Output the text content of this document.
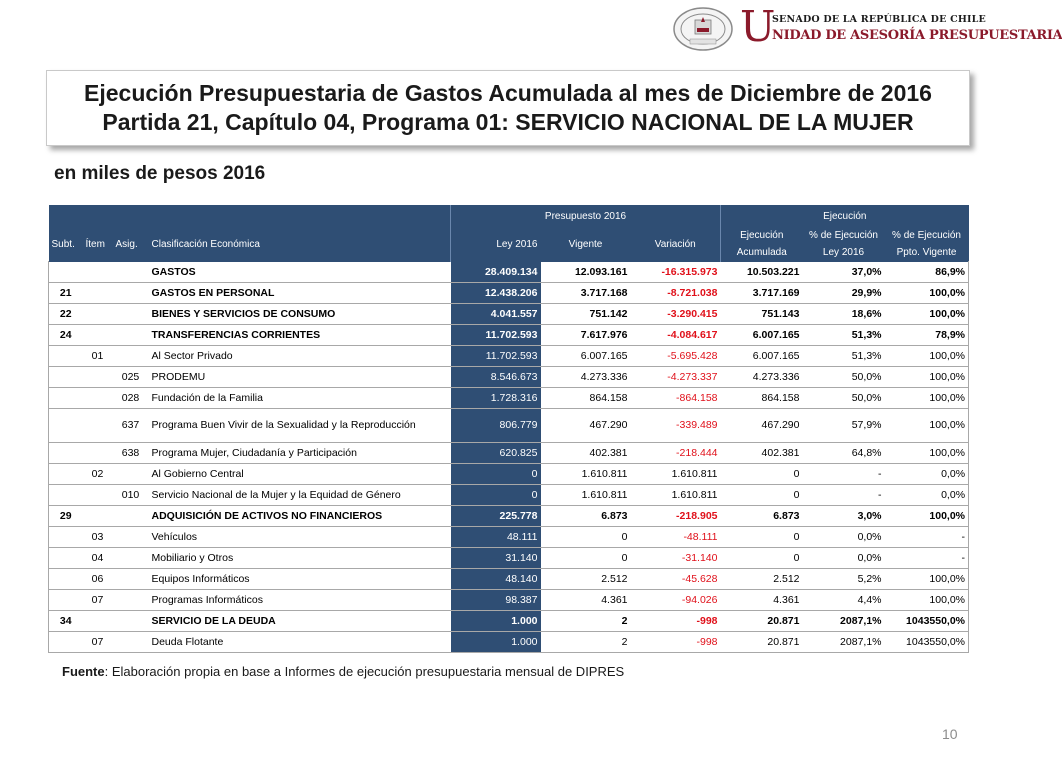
U
SENADO DE LA REPÚBLICA DE CHILE
NIDAD DE ASESORÍA PRESUPUESTARIA
Ejecución Presupuestaria de Gastos Acumulada al mes de Diciembre de 2016
Partida 21, Capítulo 04, Programa 01: SERVICIO NACIONAL DE LA MUJER
en miles de pesos 2016
				Presupuesto 2016			Ejecución		
Subt.	Ítem	Asig.	Clasificación Económica	Ley 2016	Vigente	Variación	Ejecución Acumulada	% de Ejecución Ley 2016	% de Ejecución Ppto. Vigente
			GASTOS	28.409.134	12.093.161	-16.315.973	10.503.221	37,0%	86,9%
21			GASTOS EN PERSONAL	12.438.206	3.717.168	-8.721.038	3.717.169	29,9%	100,0%
22			BIENES Y SERVICIOS DE CONSUMO	4.041.557	751.142	-3.290.415	751.143	18,6%	100,0%
24			TRANSFERENCIAS CORRIENTES	11.702.593	7.617.976	-4.084.617	6.007.165	51,3%	78,9%
	01		Al Sector Privado	11.702.593	6.007.165	-5.695.428	6.007.165	51,3%	100,0%
		025	PRODEMU	8.546.673	4.273.336	-4.273.337	4.273.336	50,0%	100,0%
		028	Fundación de la Familia	1.728.316	864.158	-864.158	864.158	50,0%	100,0%
		637	Programa Buen Vivir de la Sexualidad y la Reproducción	806.779	467.290	-339.489	467.290	57,9%	100,0%
		638	Programa Mujer, Ciudadanía y Participación	620.825	402.381	-218.444	402.381	64,8%	100,0%
	02		Al Gobierno Central	0	1.610.811	1.610.811	0	-	0,0%
		010	Servicio Nacional de la Mujer y la Equidad de Género	0	1.610.811	1.610.811	0	-	0,0%
29			ADQUISICIÓN DE ACTIVOS NO FINANCIEROS	225.778	6.873	-218.905	6.873	3,0%	100,0%
	03		Vehículos	48.111	0	-48.111	0	0,0%	-
	04		Mobiliario y Otros	31.140	0	-31.140	0	0,0%	-
	06		Equipos Informáticos	48.140	2.512	-45.628	2.512	5,2%	100,0%
	07		Programas Informáticos	98.387	4.361	-94.026	4.361	4,4%	100,0%
34			SERVICIO DE LA DEUDA	1.000	2	-998	20.871	2087,1%	1043550,0%
	07		Deuda Flotante	1.000	2	-998	20.871	2087,1%	1043550,0%
Fuente: Elaboración propia en base a Informes de ejecución presupuestaria mensual de DIPRES
10
